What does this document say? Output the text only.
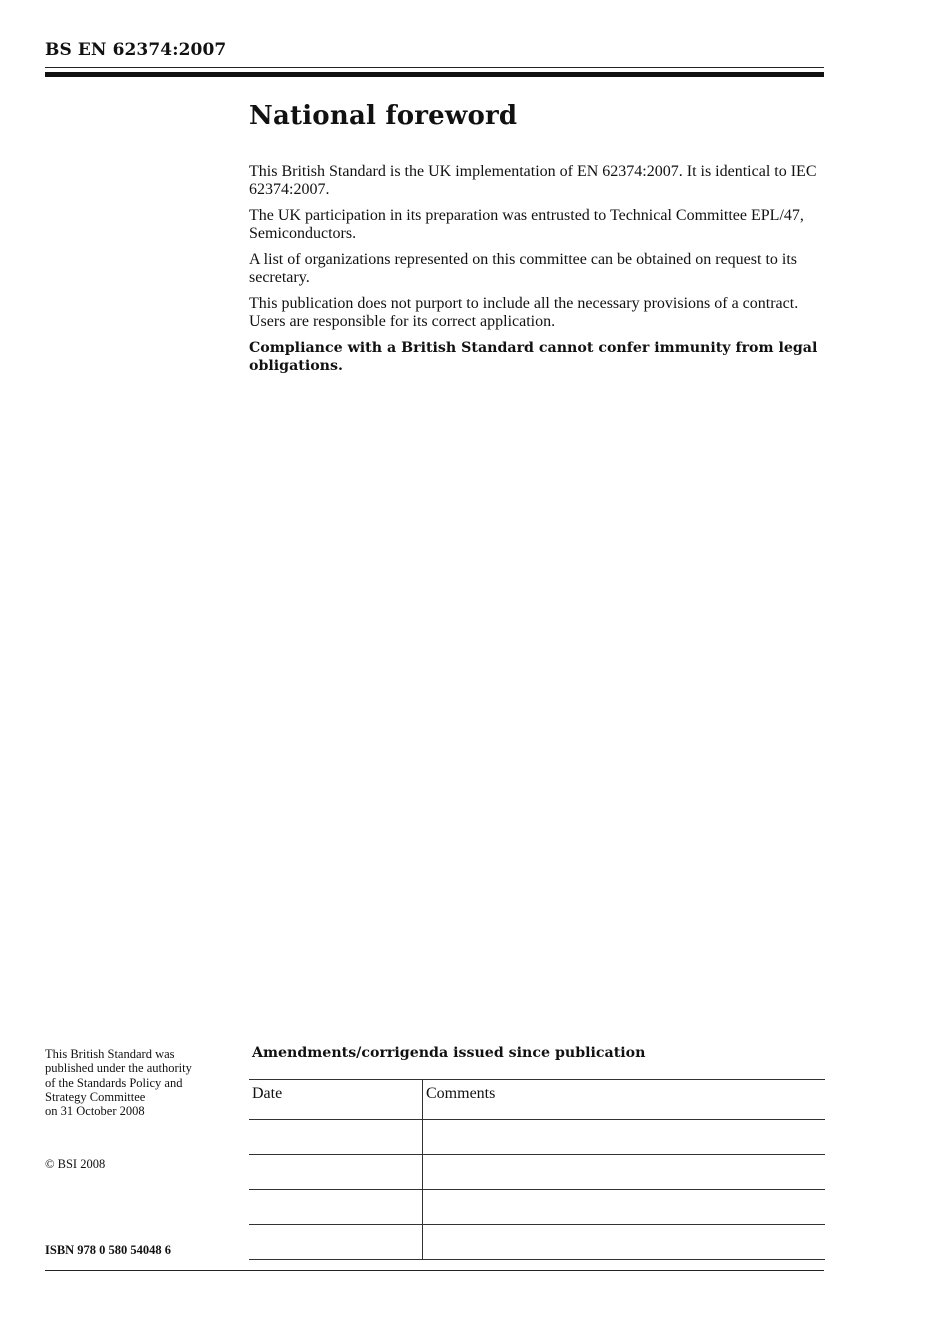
BS EN 62374:2007
National foreword

This British Standard is the UK implementation of EN 62374:2007. It is identical to IEC 62374:2007.

The UK participation in its preparation was entrusted to Technical Committee EPL/47, Semiconductors.

A list of organizations represented on this committee can be obtained on request to its secretary.

This publication does not purport to include all the necessary provisions of a contract. Users are responsible for its correct application.

Compliance with a British Standard cannot confer immunity from legal obligations.

This British Standard was
published under the authority
of the Standards Policy and
Strategy Committee
on 31 October 2008
© BSI 2008
ISBN 978 0 580 54048 6
Amendments/corrigenda issued since publication
Date	Comments
